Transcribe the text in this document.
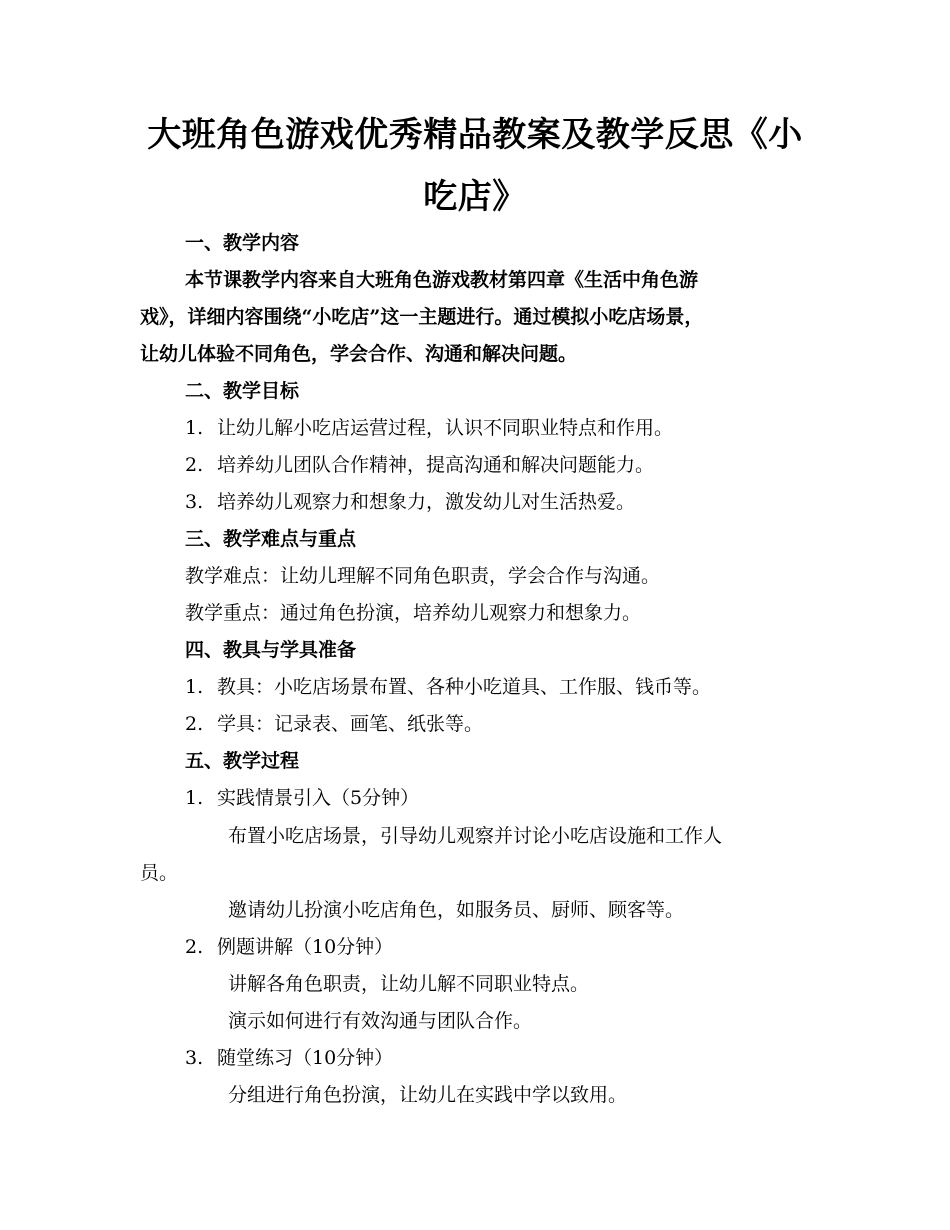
大班角色游戏优秀精品教案及教学反思《小
吃店》
一、教学内容
本节课教学内容来自大班角色游戏教材第四章《生活中角色游
戏》，详细内容围绕“小吃店”这一主题进行。通过模拟小吃店场景，
让幼儿体验不同角色，学会合作、沟通和解决问题。
二、教学目标
1. 让幼儿解小吃店运营过程，认识不同职业特点和作用。
2. 培养幼儿团队合作精神，提高沟通和解决问题能力。
3. 培养幼儿观察力和想象力，激发幼儿对生活热爱。
三、教学难点与重点
教学难点：让幼儿理解不同角色职责，学会合作与沟通。
教学重点：通过角色扮演，培养幼儿观察力和想象力。
四、教具与学具准备
1. 教具：小吃店场景布置、各种小吃道具、工作服、钱币等。
2. 学具：记录表、画笔、纸张等。
五、教学过程
1. 实践情景引入（5分钟）
布置小吃店场景，引导幼儿观察并讨论小吃店设施和工作人
员。
邀请幼儿扮演小吃店角色，如服务员、厨师、顾客等。
2. 例题讲解（10分钟）
讲解各角色职责，让幼儿解不同职业特点。
演示如何进行有效沟通与团队合作。
3. 随堂练习（10分钟）
分组进行角色扮演，让幼儿在实践中学以致用。
